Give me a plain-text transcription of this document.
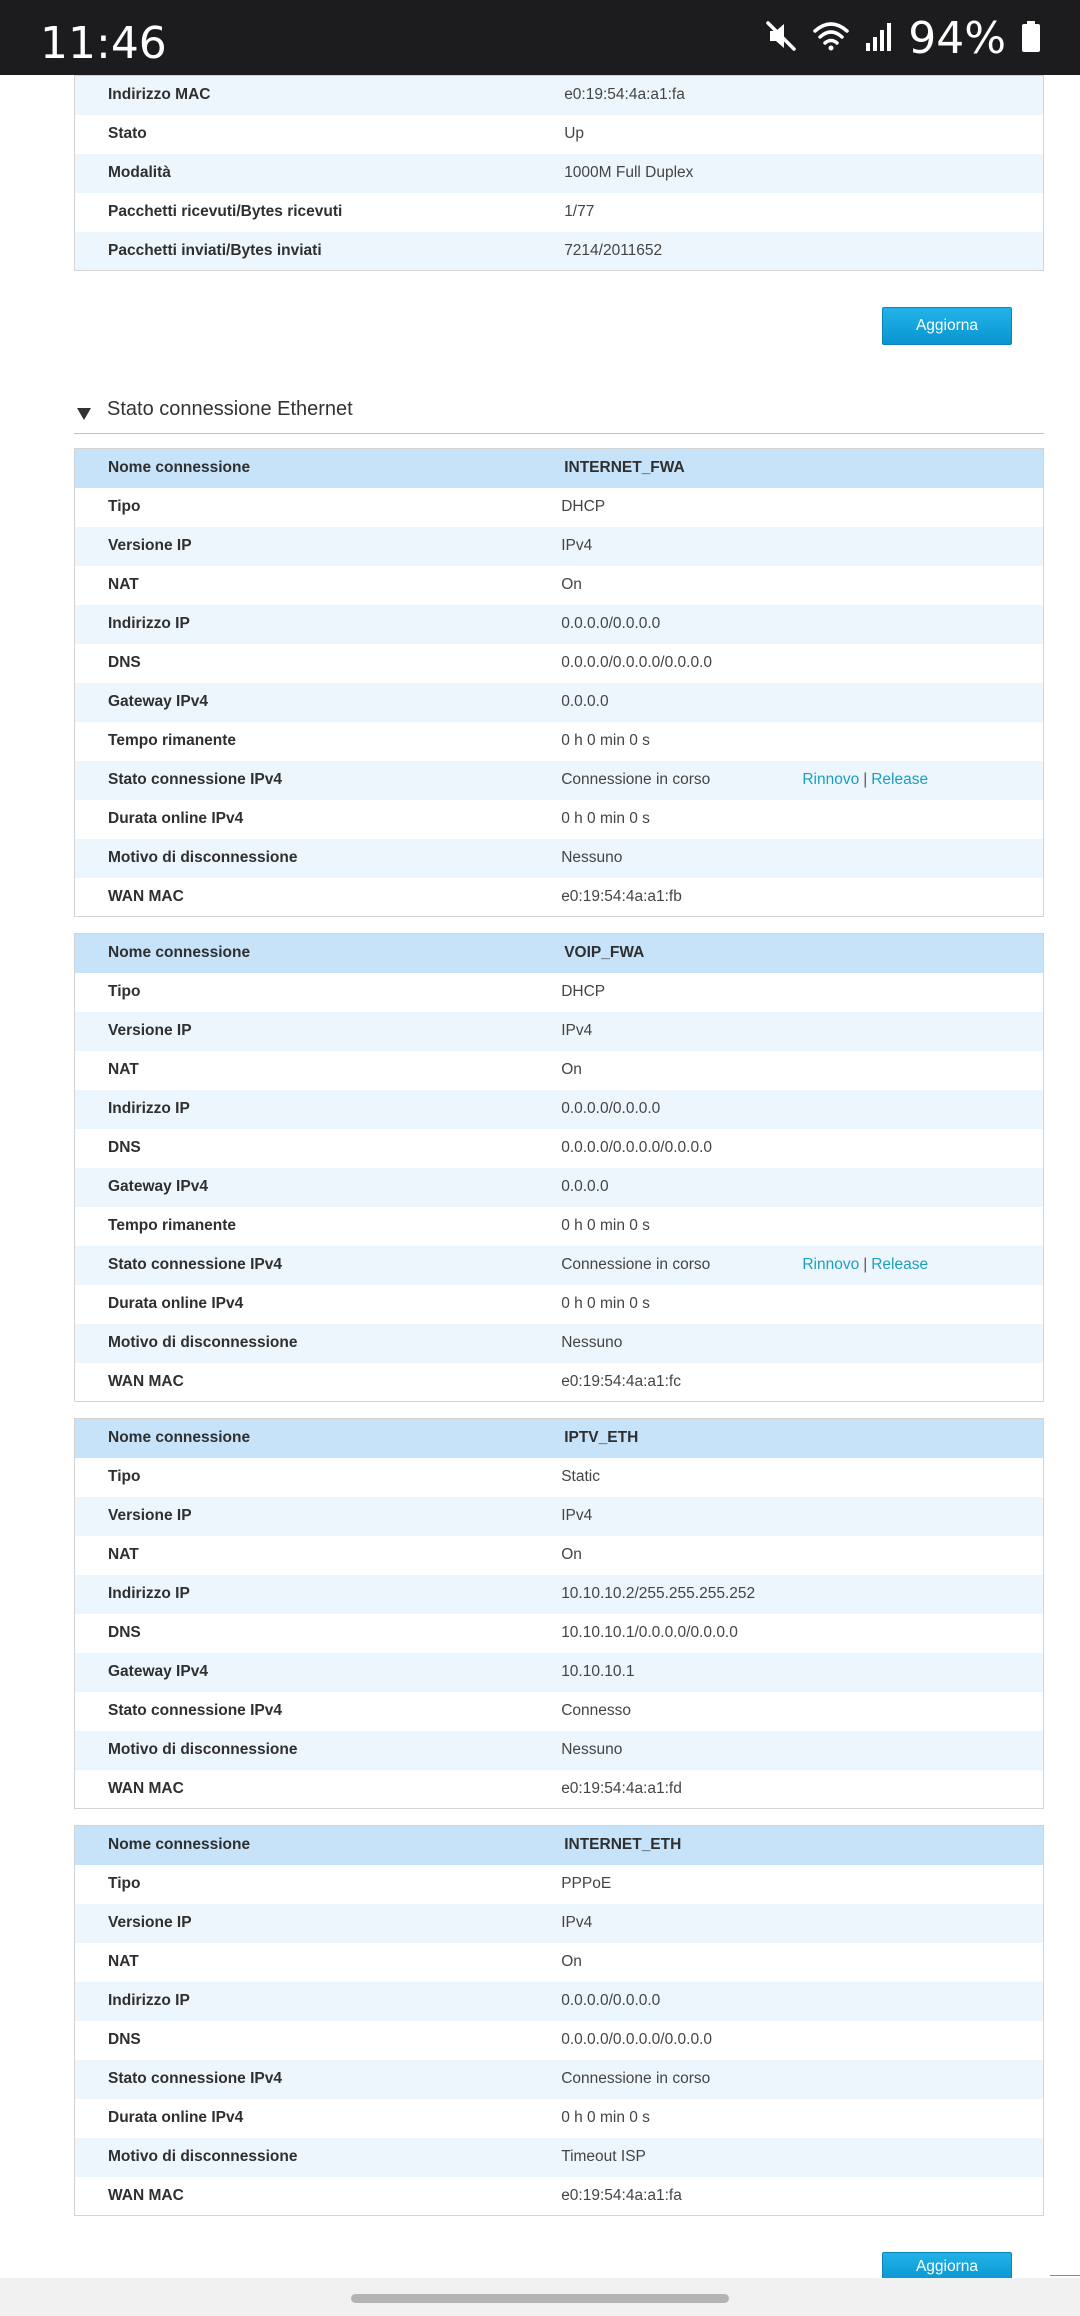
11:46	94%
Indirizzo MAC	e0:19:54:4a:a1:fa
Stato	Up
Modalità	1000M Full Duplex
Pacchetti ricevuti/Bytes ricevuti	1/77
Pacchetti inviati/Bytes inviati	7214/2011652
Aggiorna
Stato connessione Ethernet
Nome connessione	INTERNET_FWA	
Tipo	DHCP	
Versione IP	IPv4	
NAT	On	
Indirizzo IP	0.0.0.0/0.0.0.0	
DNS	0.0.0.0/0.0.0.0/0.0.0.0	
Gateway IPv4	0.0.0.0	
Tempo rimanente	0 h 0 min 0 s	
Stato connessione IPv4	Connessione in corso	Rinnovo | Release
Durata online IPv4	0 h 0 min 0 s	
Motivo di disconnessione	Nessuno	
WAN MAC	e0:19:54:4a:a1:fb	
Nome connessione	VOIP_FWA	
Tipo	DHCP	
Versione IP	IPv4	
NAT	On	
Indirizzo IP	0.0.0.0/0.0.0.0	
DNS	0.0.0.0/0.0.0.0/0.0.0.0	
Gateway IPv4	0.0.0.0	
Tempo rimanente	0 h 0 min 0 s	
Stato connessione IPv4	Connessione in corso	Rinnovo | Release
Durata online IPv4	0 h 0 min 0 s	
Motivo di disconnessione	Nessuno	
WAN MAC	e0:19:54:4a:a1:fc	
Nome connessione	IPTV_ETH	
Tipo	Static	
Versione IP	IPv4	
NAT	On	
Indirizzo IP	10.10.10.2/255.255.255.252	
DNS	10.10.10.1/0.0.0.0/0.0.0.0	
Gateway IPv4	10.10.10.1	
Stato connessione IPv4	Connesso	
Motivo di disconnessione	Nessuno	
WAN MAC	e0:19:54:4a:a1:fd	
Nome connessione	INTERNET_ETH	
Tipo	PPPoE	
Versione IP	IPv4	
NAT	On	
Indirizzo IP	0.0.0.0/0.0.0.0	
DNS	0.0.0.0/0.0.0.0/0.0.0.0	
Stato connessione IPv4	Connessione in corso	
Durata online IPv4	0 h 0 min 0 s	
Motivo di disconnessione	Timeout ISP	
WAN MAC	e0:19:54:4a:a1:fa	
Aggiorna
